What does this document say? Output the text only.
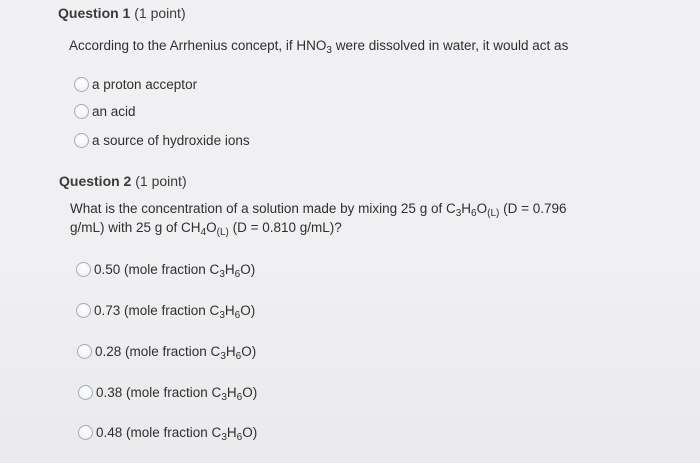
Question 1 (1 point)
According to the Arrhenius concept, if $HNO_3$ were dissolved in water, it would act as
a proton acceptor
an acid
a source of hydroxide ions
Question 2 (1 point)
What is the concentration of a solution made by mixing 25 g of $C_3H_6O_{(L)}$ (D = 0.796
g/mL) with 25 g of $CH_4O_{(L)}$ (D = 0.810 g/mL)?
0.50 (mole fraction $C_3H_6O$)
0.73 (mole fraction $C_3H_6O$)
0.28 (mole fraction $C_3H_6O$)
0.38 (mole fraction $C_3H_6O$)
0.48 (mole fraction $C_3H_6O$)
